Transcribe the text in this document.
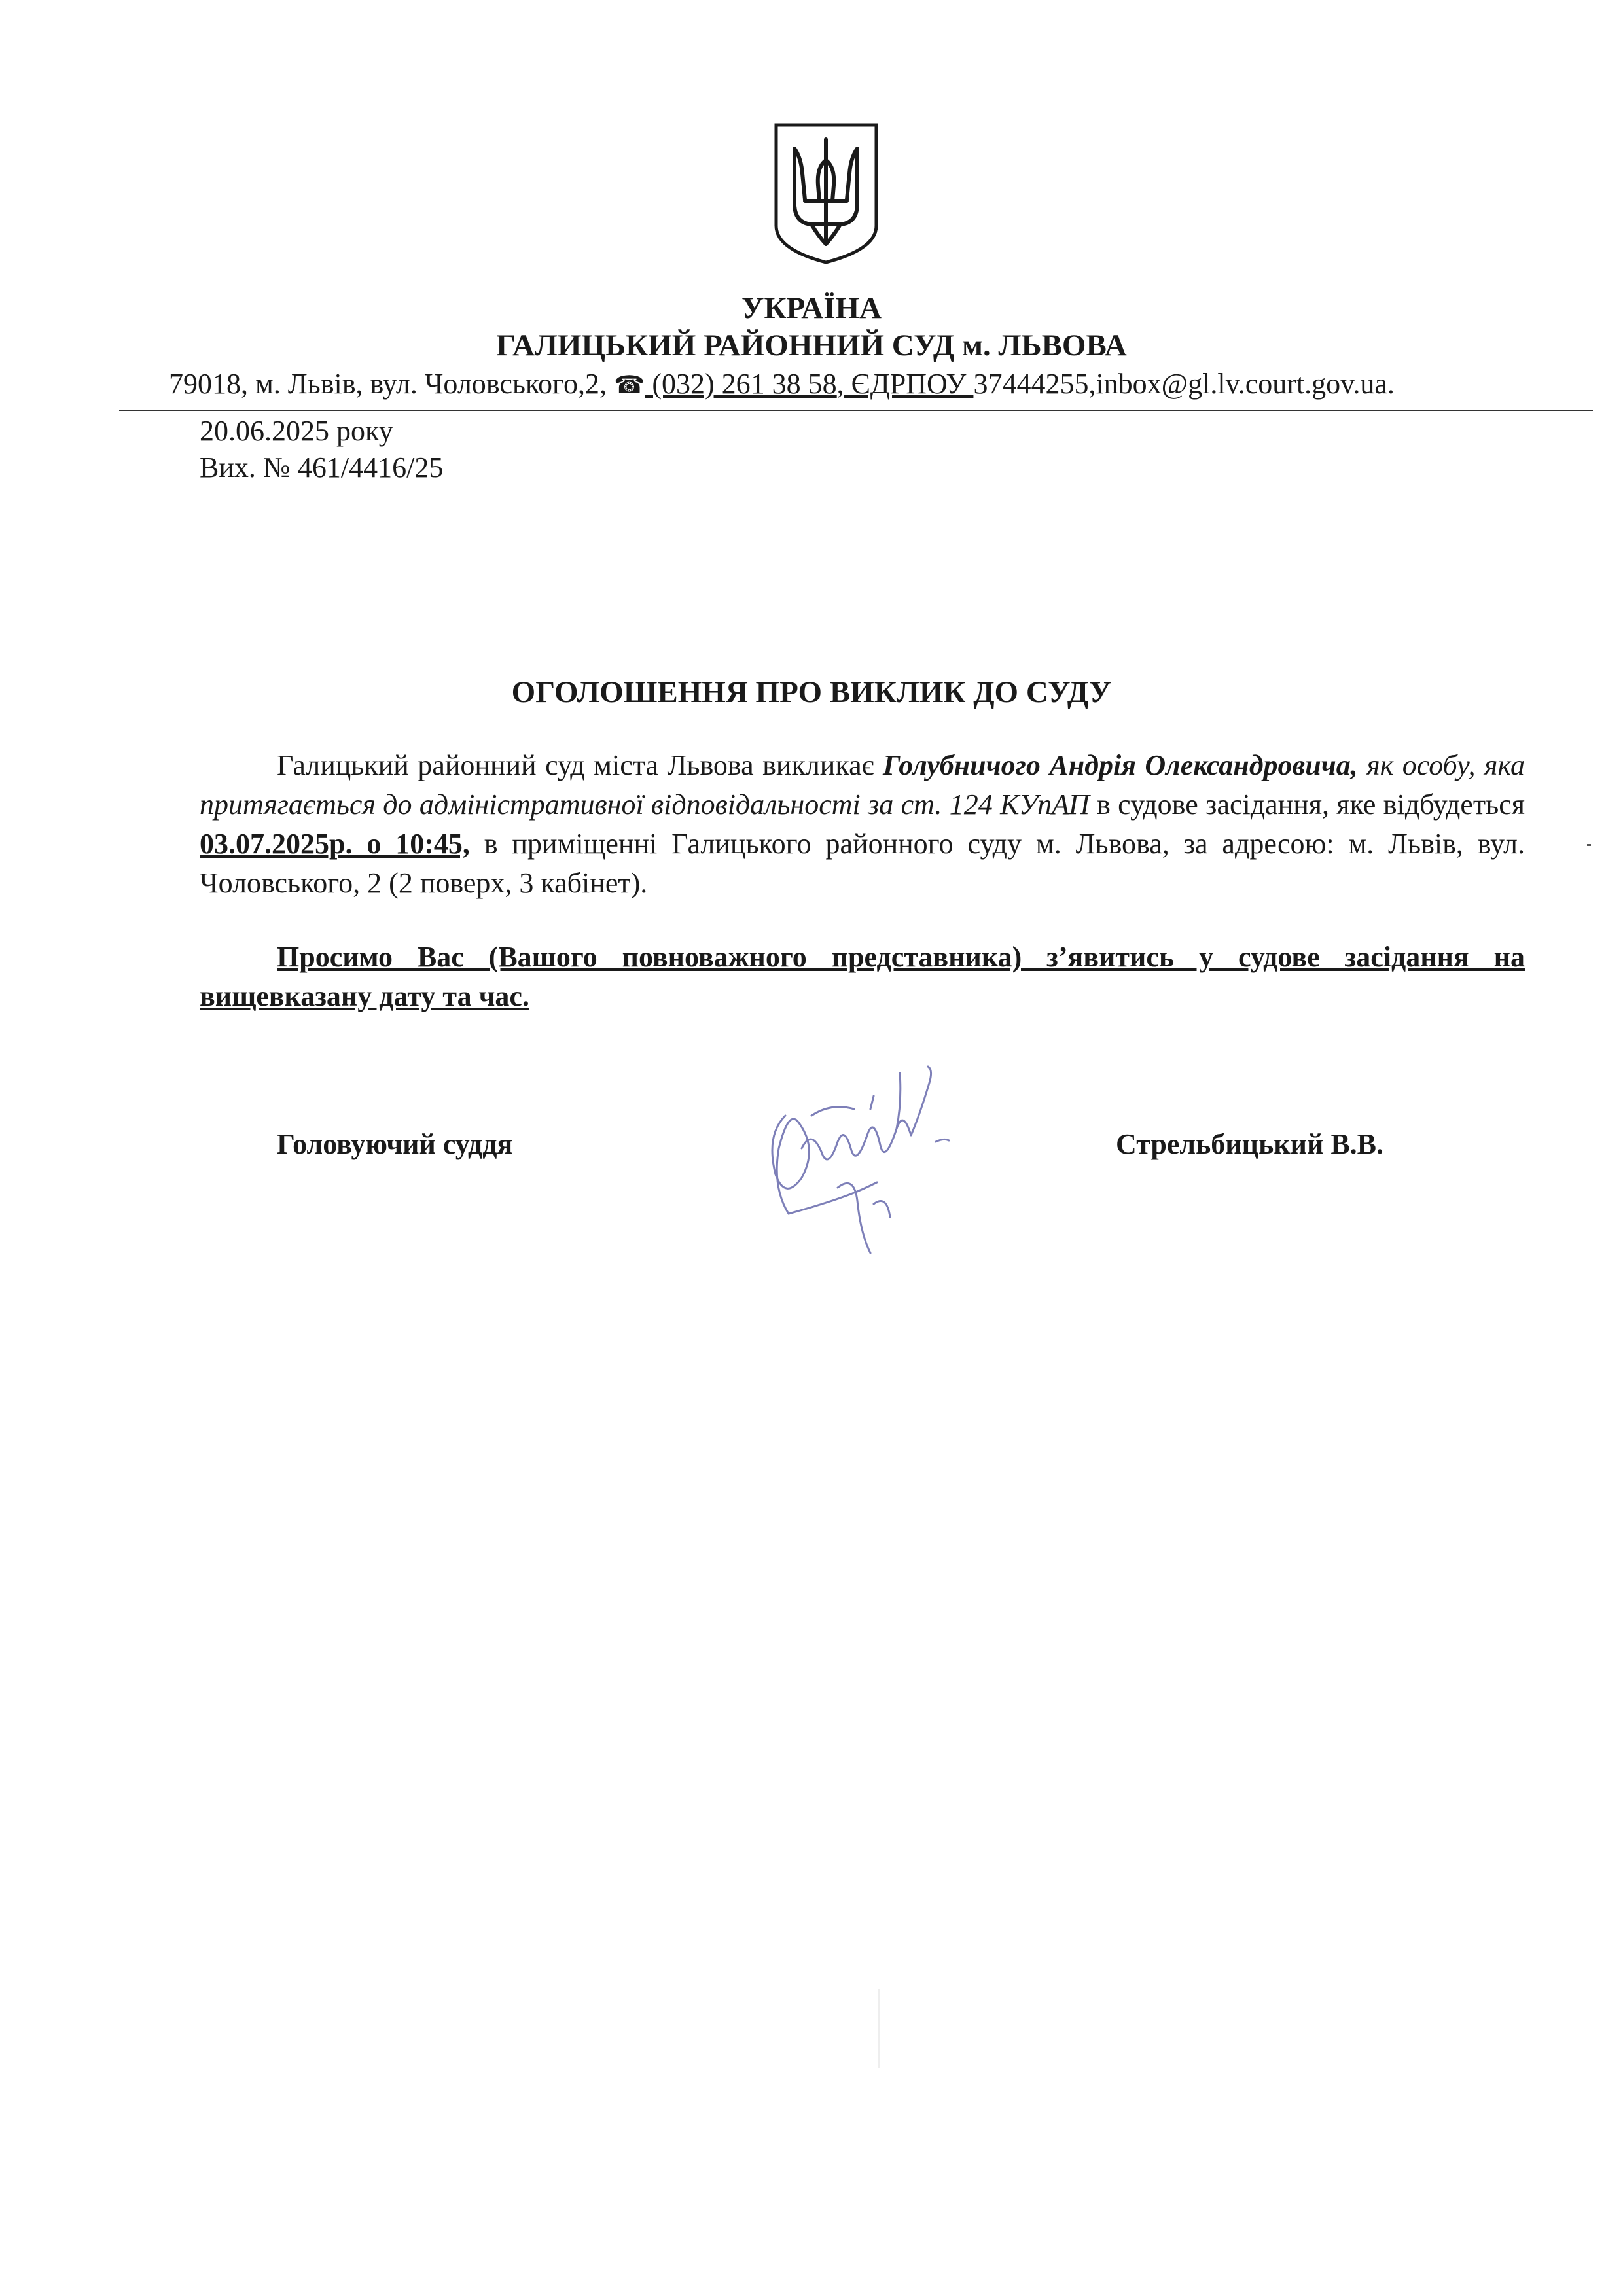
УКРАЇНА
ГАЛИЦЬКИЙ РАЙОННИЙ СУД м. ЛЬВОВА
79018, м. Львів, вул. Чоловського,2, ☎ (032) 261 38 58, ЄДРПОУ 37444255,inbox@gl.lv.court.gov.ua.
20.06.2025 року
Вих. № 461/4416/25
ОГОЛОШЕННЯ ПРО ВИКЛИК ДО СУДУ
Галицький районний суд міста Львова викликає Голубничого Андрія Олександровича, як особу, яка притягається до адміністративної відповідальності за ст. 124 КУпАП в судове засідання, яке відбудеться 03.07.2025р. о 10:45, в приміщенні Галицького районного суду м. Львова, за адресою: м. Львів, вул. Чоловського, 2 (2 поверх, 3 кабінет).
Просимо Вас (Вашого повноважного представника) з’явитись у судове засідання на вищевказану дату та час.
Головуючий суддя	Стрельбицький В.В.
